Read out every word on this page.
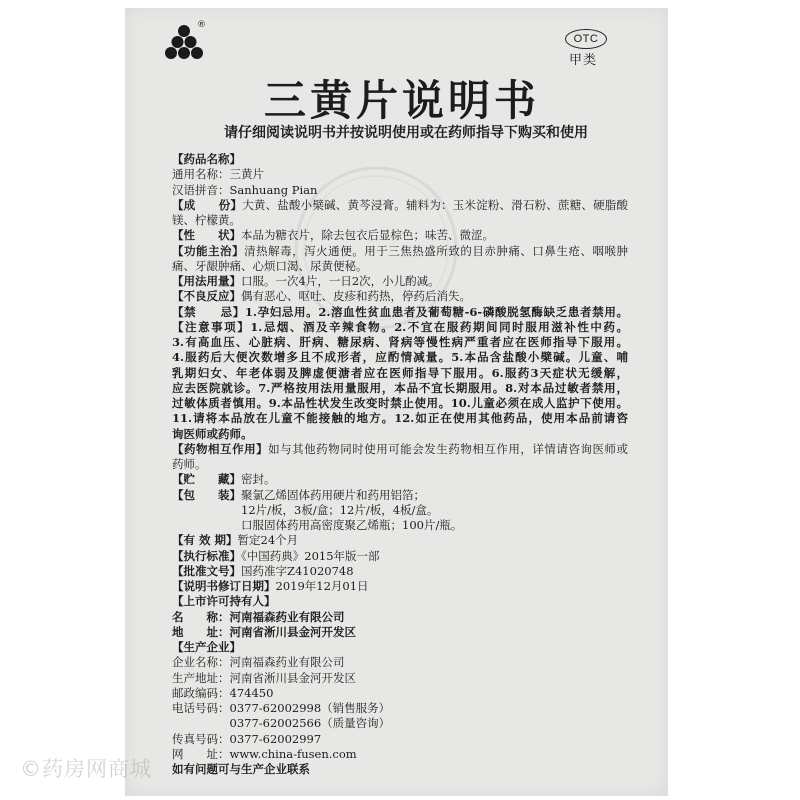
®
OTC
甲类
三黄片说明书
请仔细阅读说明书并按说明使用或在药师指导下购买和使用
【药品名称】
通用名称：三黄片
汉语拼音：Sanhuang Pian
【成　　份】大黄、盐酸小檗碱、黄芩浸膏。辅料为：玉米淀粉、滑石粉、蔗糖、硬脂酸
镁、柠檬黄。
【性　　状】本品为糖衣片，除去包衣后显棕色；味苦、微涩。
【功能主治】清热解毒，泻火通便。用于三焦热盛所致的目赤肿痛、口鼻生疮、咽喉肿
痛、牙龈肿痛、心烦口渴、尿黄便秘。
【用法用量】口服。一次4片，一日2次，小儿酌减。
【不良反应】偶有恶心、呕吐、皮疹和药热，停药后消失。
【禁　　忌】1.孕妇忌用。2.溶血性贫血患者及葡萄糖-6-磷酸脱氢酶缺乏患者禁用。
【注意事项】1.忌烟、酒及辛辣食物。2.不宜在服药期间同时服用滋补性中药。
3.有高血压、心脏病、肝病、糖尿病、肾病等慢性病严重者应在医师指导下服用。
4.服药后大便次数增多且不成形者，应酌情减量。5.本品含盐酸小檗碱。儿童、哺
乳期妇女、年老体弱及脾虚便溏者应在医师指导下服用。6.服药3天症状无缓解，
应去医院就诊。7.严格按用法用量服用，本品不宜长期服用。8.对本品过敏者禁用，
过敏体质者慎用。9.本品性状发生改变时禁止使用。10.儿童必须在成人监护下使用。
11.请将本品放在儿童不能接触的地方。12.如正在使用其他药品，使用本品前请咨
询医师或药师。
【药物相互作用】如与其他药物同时使用可能会发生药物相互作用，详情请咨询医师或
药师。
【贮　　藏】密封。
【包　　装】聚氯乙烯固体药用硬片和药用铝箔；
12片/板，3板/盒；12片/板，4板/盒。
口服固体药用高密度聚乙烯瓶；100片/瓶。
【有 效 期】暂定24个月
【执行标准】《中国药典》2015年版一部
【批准文号】国药准字Z41020748
【说明书修订日期】2019年12月01日
【上市许可持有人】
名　　称：河南福森药业有限公司
地　　址：河南省淅川县金河开发区
【生产企业】
企业名称：河南福森药业有限公司
生产地址：河南省淅川县金河开发区
邮政编码：474450
电话号码：0377-62002998（销售服务）
0377-62002566（质量咨询）
传真号码：0377-62002997
网　　址：www.china-fusen.com
如有问题可与生产企业联系
©药房网商城
